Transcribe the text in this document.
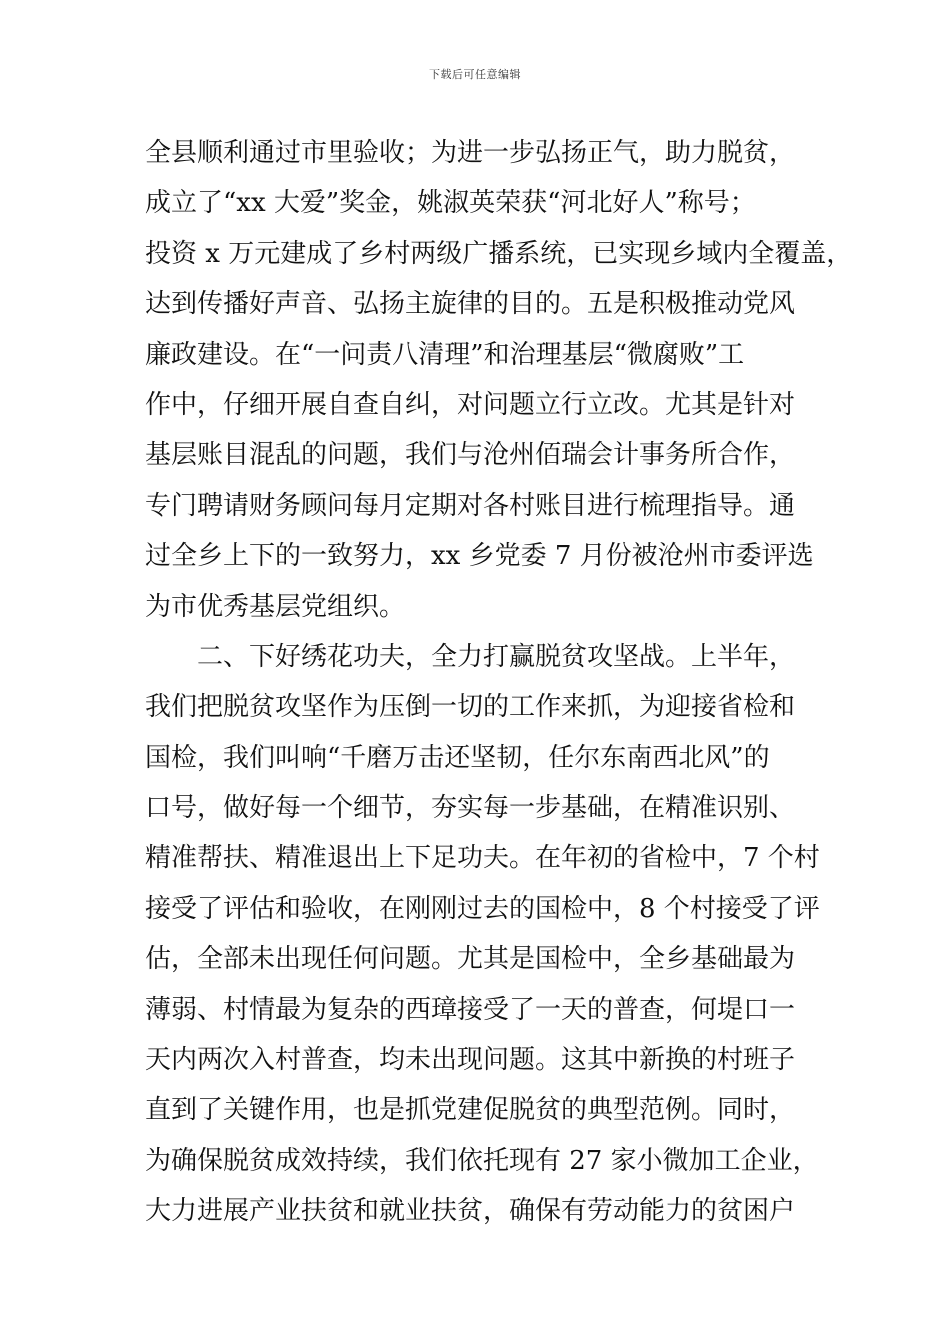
下载后可任意编辑
全县顺利通过市里验收；为进一步弘扬正气，助力脱贫，
成立了“xx 大爱”奖金，姚淑英荣获“河北好人”称号；
投资 x 万元建成了乡村两级广播系统，已实现乡域内全覆盖，
达到传播好声音、弘扬主旋律的目的。五是积极推动党风
廉政建设。在“一问责八清理”和治理基层“微腐败”工
作中，仔细开展自查自纠，对问题立行立改。尤其是针对
基层账目混乱的问题，我们与沧州佰瑞会计事务所合作，
专门聘请财务顾问每月定期对各村账目进行梳理指导。通
过全乡上下的一致努力，xx 乡党委 7 月份被沧州市委评选
为市优秀基层党组织。
　　二、下好绣花功夫，全力打赢脱贫攻坚战。上半年，
我们把脱贫攻坚作为压倒一切的工作来抓，为迎接省检和
国检，我们叫响“千磨万击还坚韧，任尔东南西北风”的
口号，做好每一个细节，夯实每一步基础，在精准识别、
精准帮扶、精准退出上下足功夫。在年初的省检中，7 个村
接受了评估和验收，在刚刚过去的国检中，8 个村接受了评
估，全部未出现任何问题。尤其是国检中，全乡基础最为
薄弱、村情最为复杂的西璋接受了一天的普查，何堤口一
天内两次入村普查，均未出现问题。这其中新换的村班子
直到了关键作用，也是抓党建促脱贫的典型范例。同时，
为确保脱贫成效持续，我们依托现有 27 家小微加工企业，
大力进展产业扶贫和就业扶贫，确保有劳动能力的贫困户
